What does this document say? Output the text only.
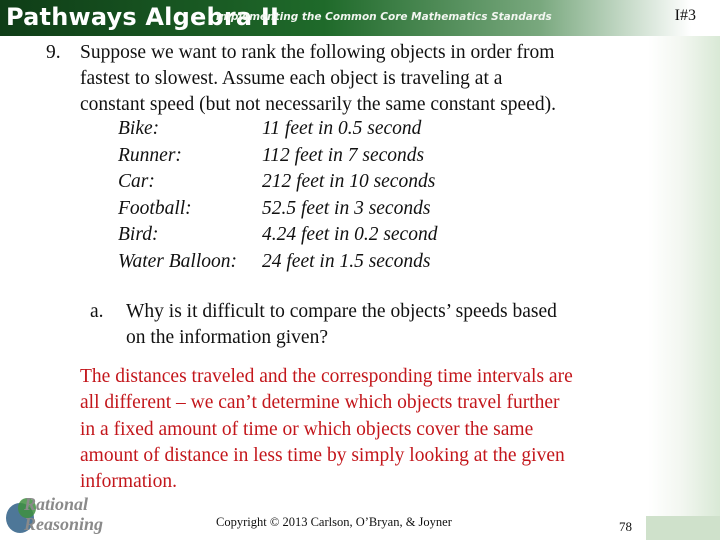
Pathways Algebra II
Implementing the Common Core Mathematics Standards	I#3
9. Suppose we want to rank the following objects in order from
fastest to slowest. Assume each object is traveling at a
constant speed (but not necessarily the same constant speed).
Bike:	11 feet in 0.5 second
Runner:	112 feet in 7 seconds
Car:	212 feet in 10 seconds
Football:	52.5 feet in 3 seconds
Bird:	4.24 feet in 0.2 second
Water Balloon: 24 feet in 1.5 seconds
a. Why is it difficult to compare the objects’ speeds based
on the information given?
The distances traveled and the corresponding time intervals are
all different – we can’t determine which objects travel further
in a fixed amount of time or which objects cover the same
amount of distance in less time by simply looking at the given
information.
Rational
Reasoning	Copyright © 2013 Carlson, O’Bryan, & Joyner	78
